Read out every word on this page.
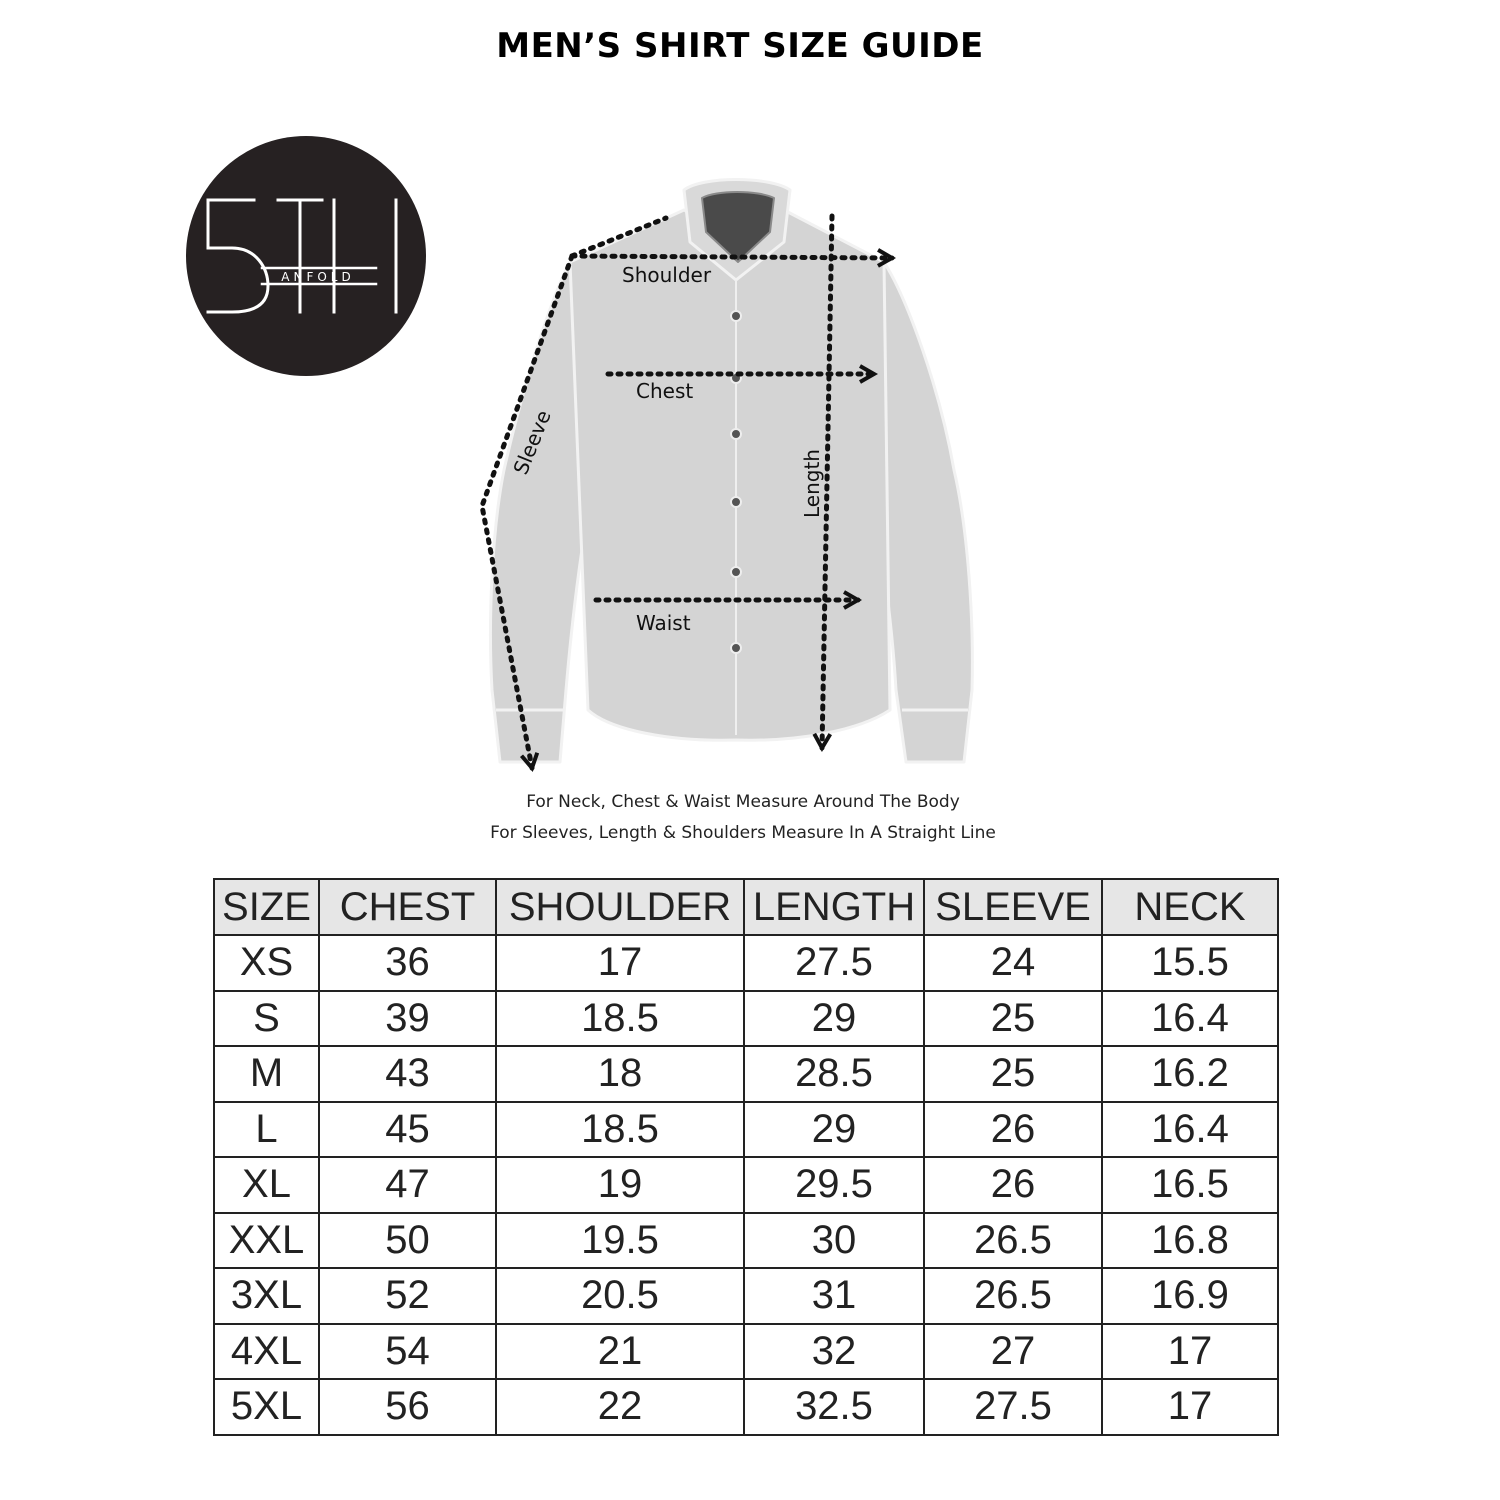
MEN’S SHIRT SIZE GUIDE
ANFOLD	Shoulder
Chest
Waist
Sleeve
Length
For Neck, Chest & Waist Measure Around The Body
For Sleeves, Length & Shoulders Measure In A Straight Line
SIZE	CHEST	SHOULDER	LENGTH	SLEEVE	NECK
XS	36	17	27.5	24	15.5
S	39	18.5	29	25	16.4
M	43	18	28.5	25	16.2
L	45	18.5	29	26	16.4
XL	47	19	29.5	26	16.5
XXL	50	19.5	30	26.5	16.8
3XL	52	20.5	31	26.5	16.9
4XL	54	21	32	27	17
5XL	56	22	32.5	27.5	17
